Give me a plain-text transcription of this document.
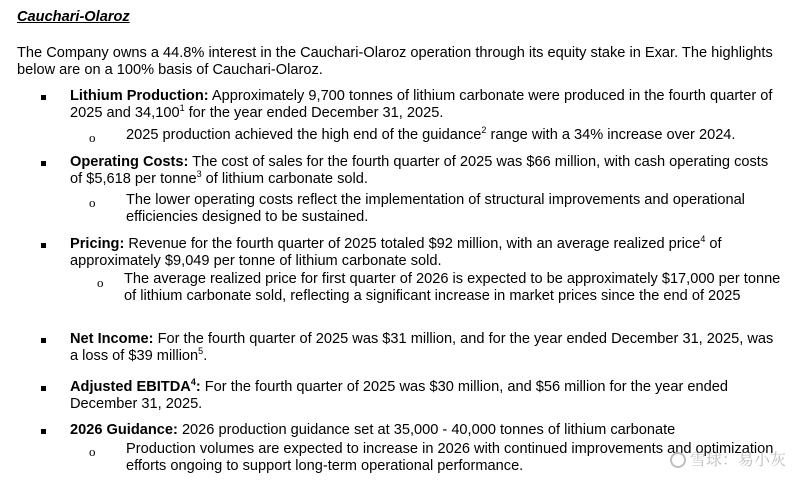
Cauchari-Olaroz
The Company owns a 44.8% interest in the Cauchari-Olaroz operation through its equity stake in Exar. The highlights below are on a 100% basis of Cauchari-Olaroz.
Lithium Production: Approximately 9,700 tonnes of lithium carbonate were produced in the fourth quarter of 2025 and 34,100$^1$ for the year ended December 31, 2025.
o 2025 production achieved the high end of the guidance$^2$ range with a 34% increase over 2024.
Operating Costs: The cost of sales for the fourth quarter of 2025 was $66 million, with cash operating costs of $5,618 per tonne$^3$ of lithium carbonate sold.
o The lower operating costs reflect the implementation of structural improvements and operational efficiencies designed to be sustained.
Pricing: Revenue for the fourth quarter of 2025 totaled $92 million, with an average realized price$^4$ of approximately $9,049 per tonne of lithium carbonate sold.
o The average realized price for first quarter of 2026 is expected to be approximately $17,000 per tonne of lithium carbonate sold, reflecting a significant increase in market prices since the end of 2025
Net Income: For the fourth quarter of 2025 was $31 million, and for the year ended December 31, 2025, was a loss of $39 million$^5$.
Adjusted EBITDA$^4$: For the fourth quarter of 2025 was $30 million, and $56 million for the year ended December 31, 2025.
2026 Guidance: 2026 production guidance set at 35,000 - 40,000 tonnes of lithium carbonate
o Production volumes are expected to increase in 2026 with continued improvements and optimization efforts ongoing to support long-term operational performance.	雪球：易小灰
